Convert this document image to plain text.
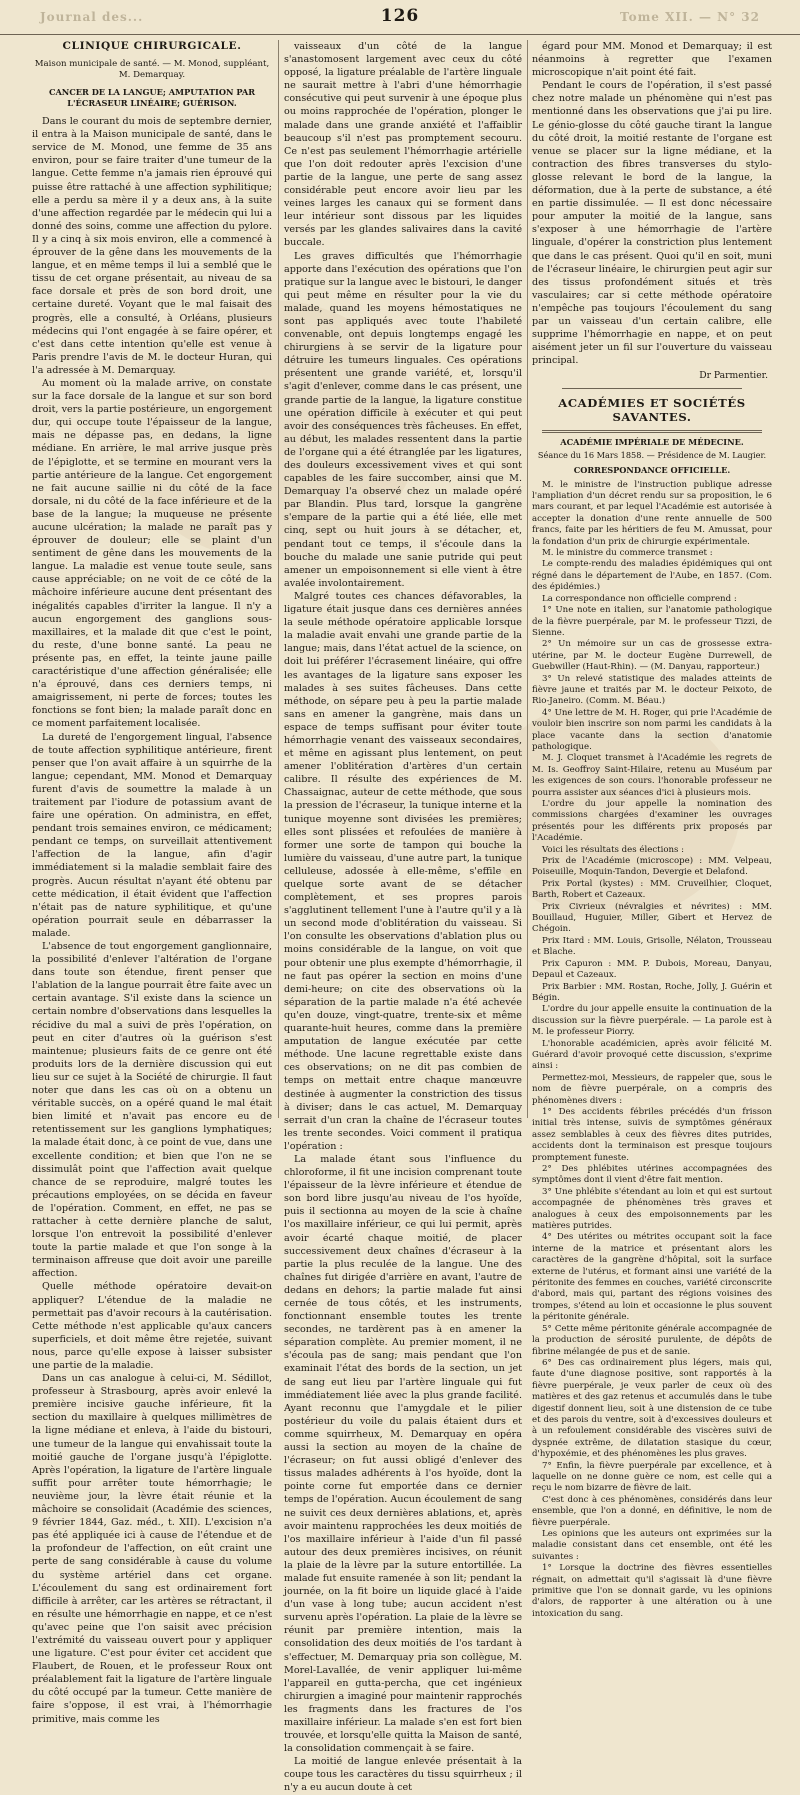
Journal des...	126	Tome XII. — N° 32
CLINIQUE CHIRURGICALE.
Maison municipale de santé. — M. Monod, suppléant, M. Demarquay.
CANCER DE LA LANGUE; AMPUTATION PAR L'ÉCRASEUR LINÉAIRE; GUÉRISON.

Dans le courant du mois de septembre dernier, il entra à la Maison municipale de santé, dans le service de M. Monod, une femme de 35 ans environ, pour se faire traiter d'une tumeur de la langue. Cette femme n'a jamais rien éprouvé qui puisse être rattaché à une affection syphilitique; elle a perdu sa mère il y a deux ans, à la suite d'une affection regardée par le médecin qui lui a donné des soins, comme une affection du pylore. Il y a cinq à six mois environ, elle a commencé à éprouver de la gêne dans les mouvements de la langue, et en même temps il lui a semblé que le tissu de cet organe présentait, au niveau de sa face dorsale et près de son bord droit, une certaine dureté. Voyant que le mal faisait des progrès, elle a consulté, à Orléans, plusieurs médecins qui l'ont engagée à se faire opérer, et c'est dans cette intention qu'elle est venue à Paris prendre l'avis de M. le docteur Huran, qui l'a adressée à M. Demarquay.

Au moment où la malade arrive, on constate sur la face dorsale de la langue et sur son bord droit, vers la partie postérieure, un engorgement dur, qui occupe toute l'épaisseur de la langue, mais ne dépasse pas, en dedans, la ligne médiane. En arrière, le mal arrive jusque près de l'épiglotte, et se termine en mourant vers la partie antérieure de la langue. Cet engorgement ne fait aucune saillie ni du côté de la face dorsale, ni du côté de la face inférieure et de la base de la langue; la muqueuse ne présente aucune ulcération; la malade ne paraît pas y éprouver de douleur; elle se plaint d'un sentiment de gêne dans les mouvements de la langue. La maladie est venue toute seule, sans cause appréciable; on ne voit de ce côté de la mâchoire inférieure aucune dent présentant des inégalités capables d'irriter la langue. Il n'y a aucun engorgement des ganglions sous-maxillaires, et la malade dit que c'est le point, du reste, d'une bonne santé. La peau ne présente pas, en effet, la teinte jaune paille caractéristique d'une affection généralisée; elle n'a éprouvé, dans ces derniers temps, ni amaigrissement, ni perte de forces; toutes les fonctions se font bien; la malade paraît donc en ce moment parfaitement localisée.

La dureté de l'engorgement lingual, l'absence de toute affection syphilitique antérieure, firent penser que l'on avait affaire à un squirrhe de la langue; cependant, MM. Monod et Demarquay furent d'avis de soumettre la malade à un traitement par l'iodure de potassium avant de faire une opération. On administra, en effet, pendant trois semaines environ, ce médicament; pendant ce temps, on surveillait attentivement l'affection de la langue, afin d'agir immédiatement si la maladie semblait faire des progrès. Aucun résultat n'ayant été obtenu par cette médication, il était évident que l'affection n'était pas de nature syphilitique, et qu'une opération pourrait seule en débarrasser la malade.

L'absence de tout engorgement ganglionnaire, la possibilité d'enlever l'altération de l'organe dans toute son étendue, firent penser que l'ablation de la langue pourrait être faite avec un certain avantage. S'il existe dans la science un certain nombre d'observations dans lesquelles la récidive du mal a suivi de près l'opération, on peut en citer d'autres où la guérison s'est maintenue; plusieurs faits de ce genre ont été produits lors de la dernière discussion qui eut lieu sur ce sujet à la Société de chirurgie. Il faut noter que dans les cas où on a obtenu un véritable succès, on a opéré quand le mal était bien limité et n'avait pas encore eu de retentissement sur les ganglions lymphatiques; la malade était donc, à ce point de vue, dans une excellente condition; et bien que l'on ne se dissimulât point que l'affection avait quelque chance de se reproduire, malgré toutes les précautions employées, on se décida en faveur de l'opération. Comment, en effet, ne pas se rattacher à cette dernière planche de salut, lorsque l'on entrevoit la possibilité d'enlever toute la partie malade et que l'on songe à la terminaison affreuse que doit avoir une pareille affection.

Quelle méthode opératoire devait-on appliquer? L'étendue de la maladie ne permettait pas d'avoir recours à la cautérisation. Cette méthode n'est applicable qu'aux cancers superficiels, et doit même être rejetée, suivant nous, parce qu'elle expose à laisser subsister une partie de la maladie.

Dans un cas analogue à celui-ci, M. Sédillot, professeur à Strasbourg, après avoir enlevé la première incisive gauche inférieure, fit la section du maxillaire à quelques millimètres de la ligne médiane et enleva, à l'aide du bistouri, une tumeur de la langue qui envahissait toute la moitié gauche de l'organe jusqu'à l'épiglotte. Après l'opération, la ligature de l'artère linguale suffit pour arrêter toute hémorrhagie; le neuvième jour, la lèvre était réunie et la mâchoire se consolidait (Académie des sciences, 9 février 1844, Gaz. méd., t. XII). L'excision n'a pas été appliquée ici à cause de l'étendue et de la profondeur de l'affection, on eût craint une perte de sang considérable à cause du volume du système artériel dans cet organe. L'écoulement du sang est ordinairement fort difficile à arrêter, car les artères se rétractant, il en résulte une hémorrhagie en nappe, et ce n'est qu'avec peine que l'on saisit avec précision l'extrémité du vaisseau ouvert pour y appliquer une ligature. C'est pour éviter cet accident que Flaubert, de Rouen, et le professeur Roux ont préalablement fait la ligature de l'artère linguale du côté occupé par la tumeur. Cette manière de faire s'oppose, il est vrai, à l'hémorrhagie primitive, mais comme les

vaisseaux d'un côté de la langue s'anastomosent largement avec ceux du côté opposé, la ligature préalable de l'artère linguale ne saurait mettre à l'abri d'une hémorrhagie consécutive qui peut survenir à une époque plus ou moins rapprochée de l'opération, plonger le malade dans une grande anxiété et l'affaiblir beaucoup s'il n'est pas promptement secouru. Ce n'est pas seulement l'hémorrhagie artérielle que l'on doit redouter après l'excision d'une partie de la langue, une perte de sang assez considérable peut encore avoir lieu par les veines larges les canaux qui se forment dans leur intérieur sont dissous par les liquides versés par les glandes salivaires dans la cavité buccale.

Les graves difficultés que l'hémorrhagie apporte dans l'exécution des opérations que l'on pratique sur la langue avec le bistouri, le danger qui peut même en résulter pour la vie du malade, quand les moyens hémostatiques ne sont pas appliqués avec toute l'habileté convenable, ont depuis longtemps engagé les chirurgiens à se servir de la ligature pour détruire les tumeurs linguales. Ces opérations présentent une grande variété, et, lorsqu'il s'agit d'enlever, comme dans le cas présent, une grande partie de la langue, la ligature constitue une opération difficile à exécuter et qui peut avoir des conséquences très fâcheuses. En effet, au début, les malades ressentent dans la partie de l'organe qui a été étranglée par les ligatures, des douleurs excessivement vives et qui sont capables de les faire succomber, ainsi que M. Demarquay l'a observé chez un malade opéré par Blandin. Plus tard, lorsque la gangrène s'empare de la partie qui a été liée, elle met cinq, sept ou huit jours à se détacher, et, pendant tout ce temps, il s'écoule dans la bouche du malade une sanie putride qui peut amener un empoisonnement si elle vient à être avalée involontairement.

Malgré toutes ces chances défavorables, la ligature était jusque dans ces dernières années la seule méthode opératoire applicable lorsque la maladie avait envahi une grande partie de la langue; mais, dans l'état actuel de la science, on doit lui préférer l'écrasement linéaire, qui offre les avantages de la ligature sans exposer les malades à ses suites fâcheuses. Dans cette méthode, on sépare peu à peu la partie malade sans en amener la gangrène, mais dans un espace de temps suffisant pour éviter toute hémorrhagie venant des vaisseaux secondaires, et même en agissant plus lentement, on peut amener l'oblitération d'artères d'un certain calibre. Il résulte des expériences de M. Chassaignac, auteur de cette méthode, que sous la pression de l'écraseur, la tunique interne et la tunique moyenne sont divisées les premières; elles sont plissées et refoulées de manière à former une sorte de tampon qui bouche la lumière du vaisseau, d'une autre part, la tunique celluleuse, adossée à elle-même, s'effile en quelque sorte avant de se détacher complètement, et ses propres parois s'agglutinent tellement l'une à l'autre qu'il y a là un second mode d'oblitération du vaisseau. Si l'on consulte les observations d'ablation plus ou moins considérable de la langue, on voit que pour obtenir une plus exempte d'hémorrhagie, il ne faut pas opérer la section en moins d'une demi-heure; on cite des observations où la séparation de la partie malade n'a été achevée qu'en douze, vingt-quatre, trente-six et même quarante-huit heures, comme dans la première amputation de langue exécutée par cette méthode. Une lacune regrettable existe dans ces observations; on ne dit pas combien de temps on mettait entre chaque manœuvre destinée à augmenter la constriction des tissus à diviser; dans le cas actuel, M. Demarquay serrait d'un cran la chaîne de l'écraseur toutes les trente secondes. Voici comment il pratiqua l'opération :

La malade étant sous l'influence du chloroforme, il fit une incision comprenant toute l'épaisseur de la lèvre inférieure et étendue de son bord libre jusqu'au niveau de l'os hyoïde, puis il sectionna au moyen de la scie à chaîne l'os maxillaire inférieur, ce qui lui permit, après avoir écarté chaque moitié, de placer successivement deux chaînes d'écraseur à la partie la plus reculée de la langue. Une des chaînes fut dirigée d'arrière en avant, l'autre de dedans en dehors; la partie malade fut ainsi cernée de tous côtés, et les instruments, fonctionnant ensemble toutes les trente secondes, ne tardèrent pas à en amener la séparation complète. Au premier moment, il ne s'écoula pas de sang; mais pendant que l'on examinait l'état des bords de la section, un jet de sang eut lieu par l'artère linguale qui fut immédiatement liée avec la plus grande facilité. Ayant reconnu que l'amygdale et le pilier postérieur du voile du palais étaient durs et comme squirrheux, M. Demarquay en opéra aussi la section au moyen de la chaîne de l'écraseur; on fut aussi obligé d'enlever des tissus malades adhérents à l'os hyoïde, dont la pointe corne fut emportée dans ce dernier temps de l'opération. Aucun écoulement de sang ne suivit ces deux dernières ablations, et, après avoir maintenu rapprochées les deux moitiés de l'os maxillaire inférieur à l'aide d'un fil passé autour des deux premières incisives, on réunit la plaie de la lèvre par la suture entortillée. La malade fut ensuite ramenée à son lit; pendant la journée, on la fit boire un liquide glacé à l'aide d'un vase à long tube; aucun accident n'est survenu après l'opération. La plaie de la lèvre se réunit par première intention, mais la consolidation des deux moitiés de l'os tardant à s'effectuer, M. Demarquay pria son collègue, M. Morel-Lavallée, de venir appliquer lui-même l'appareil en gutta-percha, que cet ingénieux chirurgien a imaginé pour maintenir rapprochés les fragments dans les fractures de l'os maxillaire inférieur. La malade s'en est fort bien trouvée, et lorsqu'elle quitta la Maison de santé, la consolidation commençait à se faire.

La moitié de langue enlevée présentait à la coupe tous les caractères du tissu squirrheux ; il n'y a eu aucun doute à cet

égard pour MM. Monod et Demarquay; il est néanmoins à regretter que l'examen microscopique n'ait point été fait.

Pendant le cours de l'opération, il s'est passé chez notre malade un phénomène qui n'est pas mentionné dans les observations que j'ai pu lire. Le génio-glosse du côté gauche tirant la langue du côté droit, la moitié restante de l'organe est venue se placer sur la ligne médiane, et la contraction des fibres transverses du stylo-glosse relevant le bord de la langue, la déformation, due à la perte de substance, a été en partie dissimulée. — Il est donc nécessaire pour amputer la moitié de la langue, sans s'exposer à une hémorrhagie de l'artère linguale, d'opérer la constriction plus lentement que dans le cas présent. Quoi qu'il en soit, muni de l'écraseur linéaire, le chirurgien peut agir sur des tissus profondément situés et très vasculaires; car si cette méthode opératoire n'empêche pas toujours l'écoulement du sang par un vaisseau d'un certain calibre, elle supprime l'hémorrhagie en nappe, et on peut aisément jeter un fil sur l'ouverture du vaisseau principal.

Dr Parmentier.
ACADÉMIES ET SOCIÉTÉS SAVANTES.
ACADÉMIE IMPÉRIALE DE MÉDECINE.
Séance du 16 Mars 1858. — Présidence de M. Laugier.
CORRESPONDANCE OFFICIELLE.

M. le ministre de l'instruction publique adresse l'ampliation d'un décret rendu sur sa proposition, le 6 mars courant, et par lequel l'Académie est autorisée à accepter la donation d'une rente annuelle de 500 francs, faite par les héritiers de feu M. Amussat, pour la fondation d'un prix de chirurgie expérimentale.

M. le ministre du commerce transmet :

Le compte-rendu des maladies épidémiques qui ont régné dans le département de l'Aube, en 1857. (Com. des épidémies.)

La correspondance non officielle comprend :

1° Une note en italien, sur l'anatomie pathologique de la fièvre puerpérale, par M. le professeur Tizzi, de Sienne.

2° Un mémoire sur un cas de grossesse extra-utérine, par M. le docteur Eugène Durrewell, de Guebwiller (Haut-Rhin). — (M. Danyau, rapporteur.)

3° Un relevé statistique des malades atteints de fièvre jaune et traités par M. le docteur Peixoto, de Rio-Janeiro. (Comm. M. Béau.)

4° Une lettre de M. H. Roger, qui prie l'Académie de vouloir bien inscrire son nom parmi les candidats à la place vacante dans la section d'anatomie pathologique.

M. J. Cloquet transmet à l'Académie les regrets de M. Is. Geoffroy Saint-Hilaire, retenu au Muséum par les exigences de son cours. l'honorable professeur ne pourra assister aux séances d'ici à plusieurs mois.

L'ordre du jour appelle la nomination des commissions chargées d'examiner les ouvrages présentés pour les différents prix proposés par l'Académie.

Voici les résultats des élections :

Prix de l'Académie (microscope) : MM. Velpeau, Poiseuille, Moquin-Tandon, Devergie et Delafond.

Prix Portal (kystes) : MM. Cruveilhier, Cloquet, Barth, Robert et Cazeaux.

Prix Civrieux (névralgies et névrites) : MM. Bouillaud, Huguier, Miller, Gibert et Hervez de Chégoin.

Prix Itard : MM. Louis, Grisolle, Nélaton, Trousseau et Blache.

Prix Capuron : MM. P. Dubois, Moreau, Danyau, Depaul et Cazeaux.

Prix Barbier : MM. Rostan, Roche, Jolly, J. Guérin et Bégin.

L'ordre du jour appelle ensuite la continuation de la discussion sur la fièvre puerpérale. — La parole est à M. le professeur Piorry.

L'honorable académicien, après avoir félicité M. Guérard d'avoir provoqué cette discussion, s'exprime ainsi :

Permettez-moi, Messieurs, de rappeler que, sous le nom de fièvre puerpérale, on a compris des phénomènes divers :

1° Des accidents fébriles précédés d'un frisson initial très intense, suivis de symptômes généraux assez semblables à ceux des fièvres dites putrides, accidents dont la terminaison est presque toujours promptement funeste.

2° Des phlébites utérines accompagnées des symptômes dont il vient d'être fait mention.

3° Une phlébite s'étendant au loin et qui est surtout accompagnée de phénomènes très graves et analogues à ceux des empoisonnements par les matières putrides.

4° Des utérites ou métrites occupant soit la face interne de la matrice et présentant alors les caractères de la gangrène d'hôpital, soit la surface externe de l'utérus, et formant ainsi une variété de la péritonite des femmes en couches, variété circonscrite d'abord, mais qui, partant des régions voisines des trompes, s'étend au loin et occasionne le plus souvent la péritonite générale.

5° Cette même péritonite générale accompagnée de la production de sérosité purulente, de dépôts de fibrine mélangée de pus et de sanie.

6° Des cas ordinairement plus légers, mais qui, faute d'une diagnose positive, sont rapportés à la fièvre puerpérale, je veux parler de ceux où des matières et des gaz retenus et accumulés dans le tube digestif donnent lieu, soit à une distension de ce tube et des parois du ventre, soit à d'excessives douleurs et à un refoulement considérable des viscères suivi de dyspnée extrême, de dilatation stasique du cœur, d'hypoxémie, et des phénomènes les plus graves.

7° Enfin, la fièvre puerpérale par excellence, et à laquelle on ne donne guère ce nom, est celle qui a reçu le nom bizarre de fièvre de lait.

C'est donc à ces phénomènes, considérés dans leur ensemble, que l'on a donné, en définitive, le nom de fièvre puerpérale.

Les opinions que les auteurs ont exprimées sur la maladie consistant dans cet ensemble, ont été les suivantes :

1° Lorsque la doctrine des fièvres essentielles régnait, on admettait qu'il s'agissait là d'une fièvre primitive que l'on se donnait garde, vu les opinions d'alors, de rapporter à une altération ou à une intoxication du sang.
